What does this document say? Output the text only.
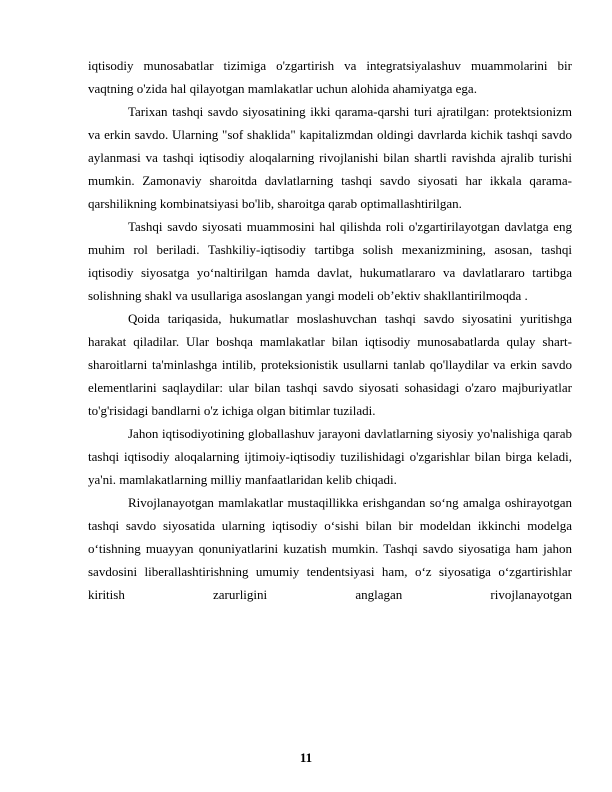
iqtisodiy munosabatlar tizimiga o'zgartirish va integratsiyalashuv muammolarini bir vaqtning o'zida hal qilayotgan mamlakatlar uchun alohida ahamiyatga ega.

Tarixan tashqi savdo siyosatining ikki qarama-qarshi turi ajratilgan: protektsionizm va erkin savdo. Ularning "sof shaklida" kapitalizmdan oldingi davrlarda kichik tashqi savdo aylanmasi va tashqi iqtisodiy aloqalarning rivojlanishi bilan shartli ravishda ajralib turishi mumkin. Zamonaviy sharoitda davlatlarning tashqi savdo siyosati har ikkala qarama-qarshilikning kombinatsiyasi bo'lib, sharoitga qarab optimallashtirilgan.

Tashqi savdo siyosati muammosini hal qilishda roli o'zgartirilayotgan davlatga eng muhim rol beriladi. Tashkiliy-iqtisodiy tartibga solish mexanizmining, asosan, tashqi iqtisodiy siyosatga yo‘naltirilgan hamda davlat, hukumatlararo va davlatlararo tartibga solishning shakl va usullariga asoslangan yangi modeli ob’ektiv shakllantirilmoqda .

Qoida tariqasida, hukumatlar moslashuvchan tashqi savdo siyosatini yuritishga harakat qiladilar. Ular boshqa mamlakatlar bilan iqtisodiy munosabatlarda qulay shart-sharoitlarni ta'minlashga intilib, proteksionistik usullarni tanlab qo'llaydilar va erkin savdo elementlarini saqlaydilar: ular bilan tashqi savdo siyosati sohasidagi o'zaro majburiyatlar to'g'risidagi bandlarni o'z ichiga olgan bitimlar tuziladi.

Jahon iqtisodiyotining globallashuv jarayoni davlatlarning siyosiy yo'nalishiga qarab tashqi iqtisodiy aloqalarning ijtimoiy-iqtisodiy tuzilishidagi o'zgarishlar bilan birga keladi, ya'ni. mamlakatlarning milliy manfaatlaridan kelib chiqadi.

Rivojlanayotgan mamlakatlar mustaqillikka erishgandan so‘ng amalga oshirayotgan tashqi savdo siyosatida ularning iqtisodiy o‘sishi bilan bir modeldan ikkinchi modelga o‘tishning muayyan qonuniyatlarini kuzatish mumkin. Tashqi savdo siyosatiga ham jahon savdosini liberallashtirishning umumiy tendentsiyasi ham, o‘z siyosatiga o‘zgartirishlar kiritish zarurligini anglagan rivojlanayotgan

11
